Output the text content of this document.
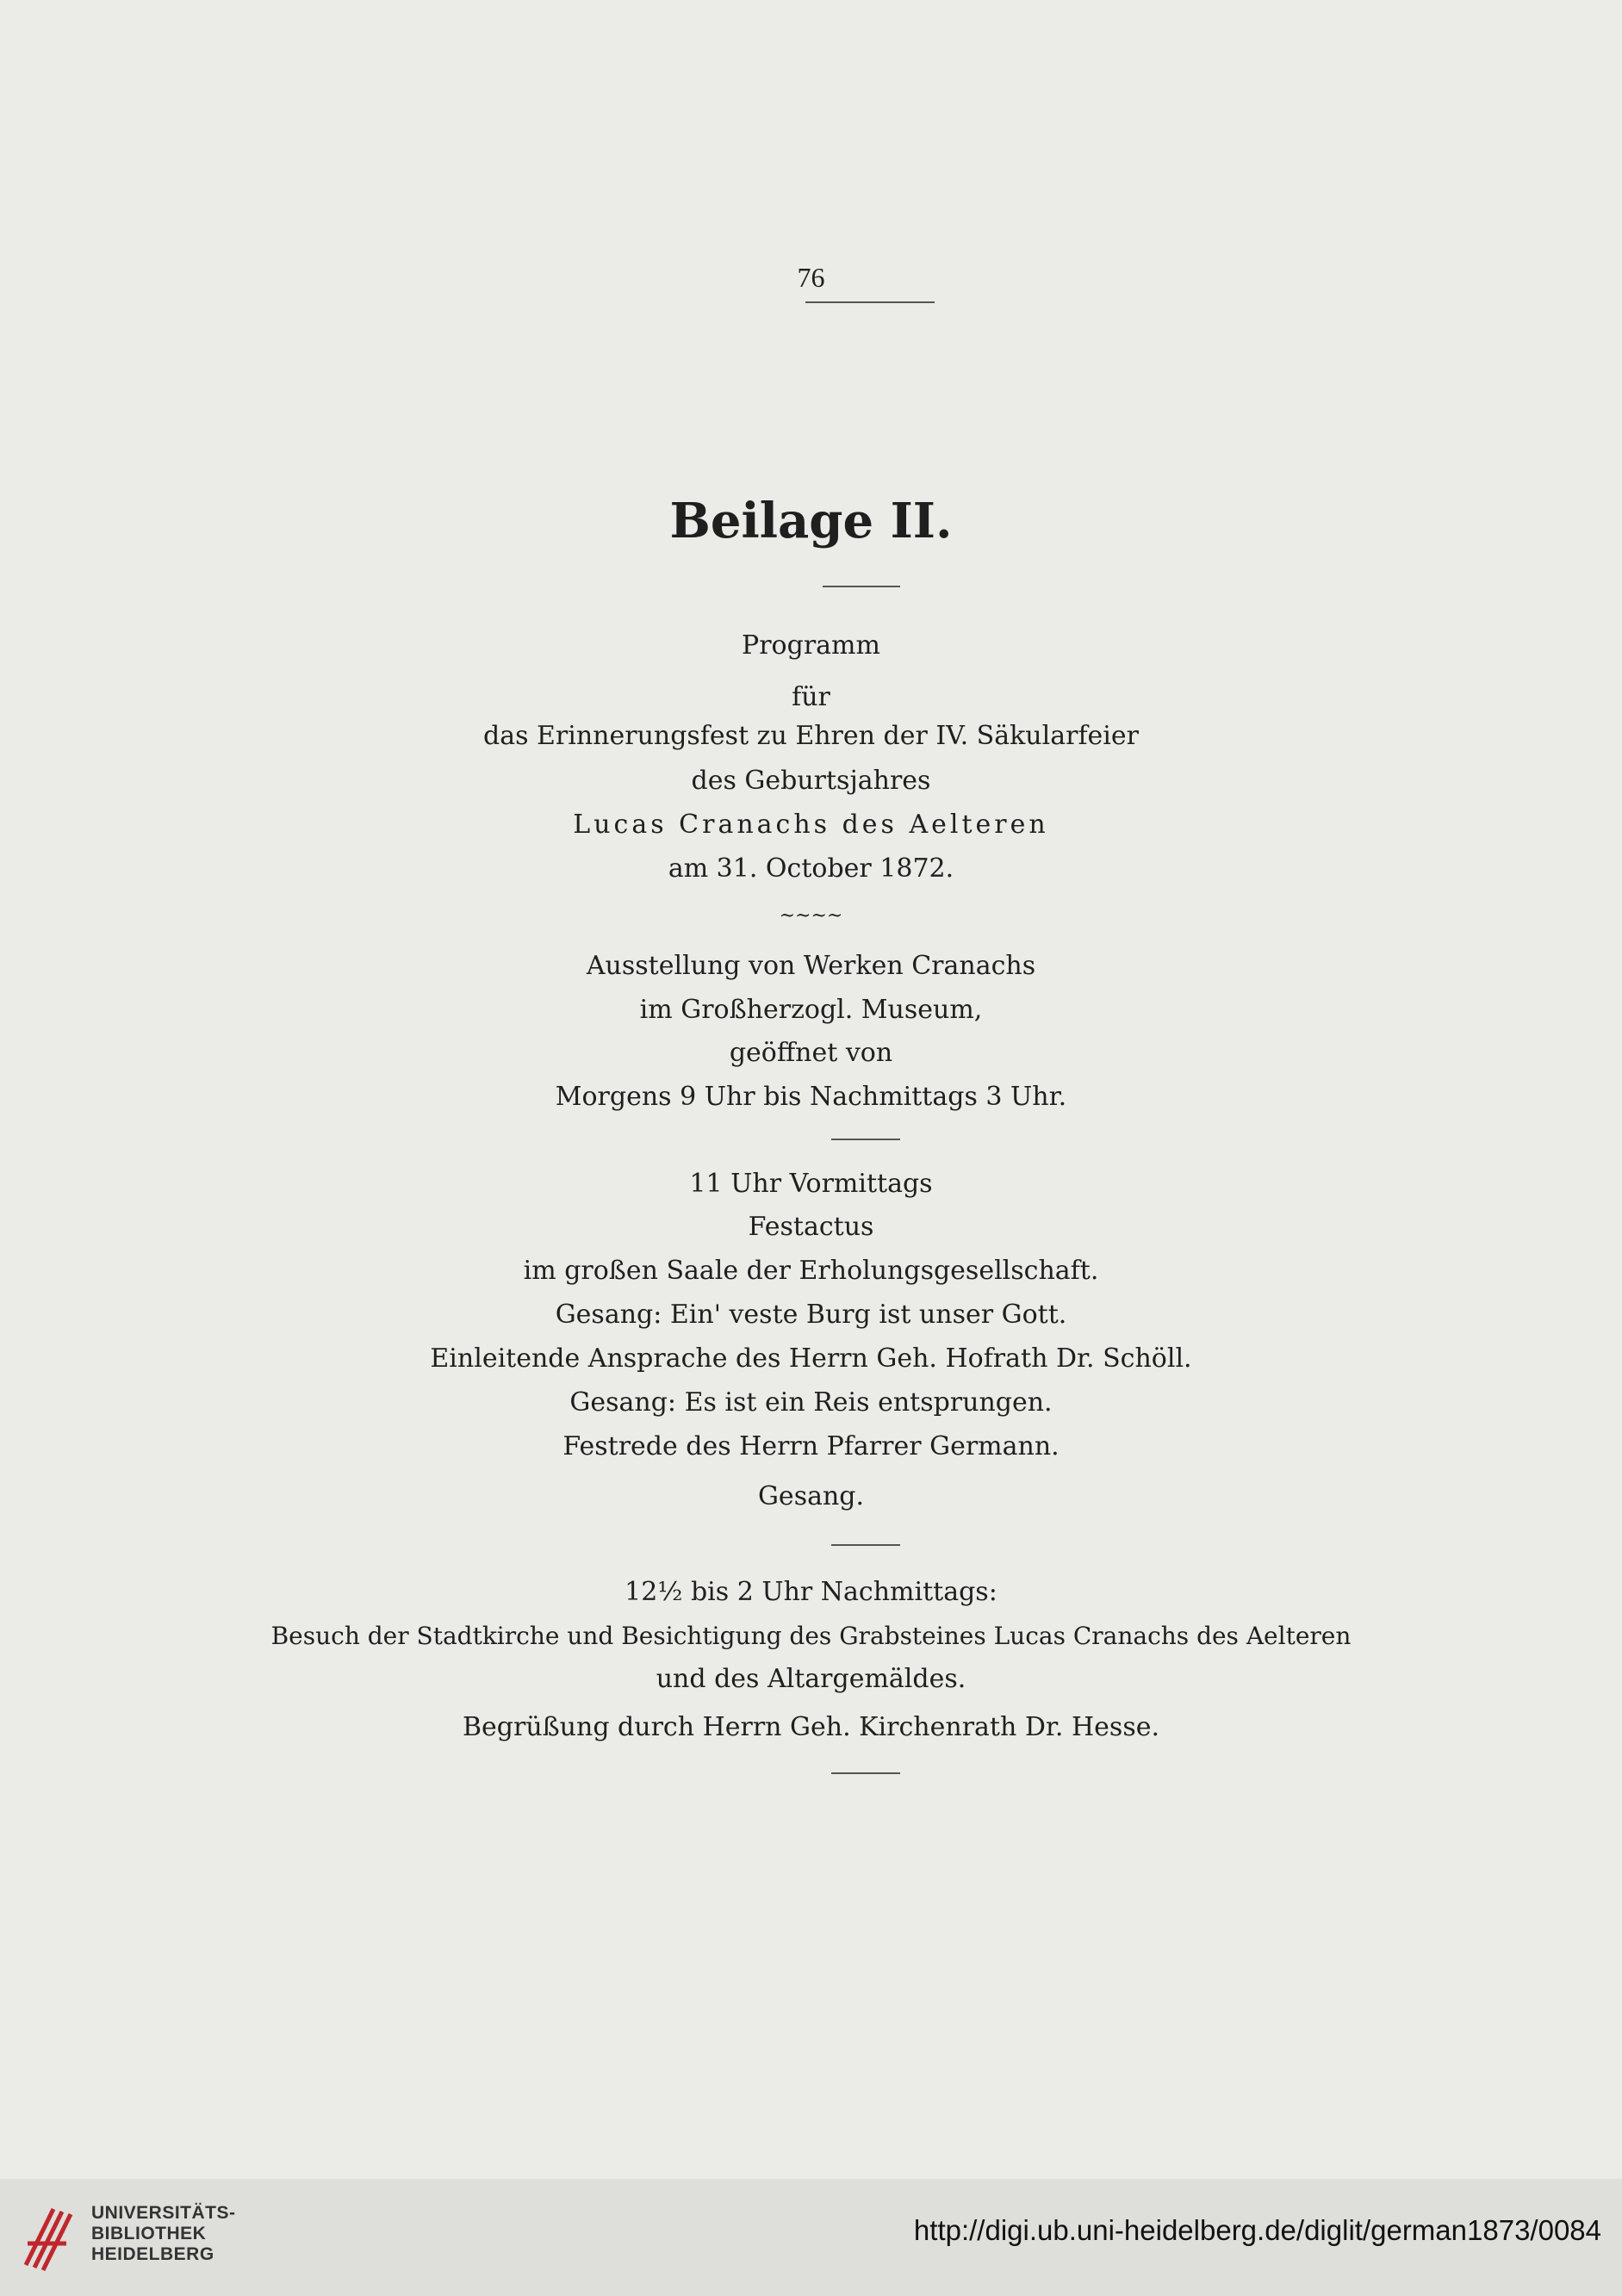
76
Beilage II.
Programm
für
das Erinnerungsfest zu Ehren der IV. Säkularfeier
des Geburtsjahres
Lucas Cranachs des Aelteren
am 31. October 1872.
~~~~
Ausstellung von Werken Cranachs
im Großherzogl. Museum,
geöffnet von
Morgens 9 Uhr bis Nachmittags 3 Uhr.
11 Uhr Vormittags
Festactus
im großen Saale der Erholungsgesellschaft.
Gesang: Ein' veste Burg ist unser Gott.
Einleitende Ansprache des Herrn Geh. Hofrath Dr. Schöll.
Gesang: Es ist ein Reis entsprungen.
Festrede des Herrn Pfarrer Germann.
Gesang.
12½ bis 2 Uhr Nachmittags:
Besuch der Stadtkirche und Besichtigung des Grabsteines Lucas Cranachs des Aelteren
und des Altargemäldes.
Begrüßung durch Herrn Geh. Kirchenrath Dr. Hesse.
UNIVERSITÄTS-
BIBLIOTHEK
HEIDELBERG
http://digi.ub.uni-heidelberg.de/diglit/german1873/0084
